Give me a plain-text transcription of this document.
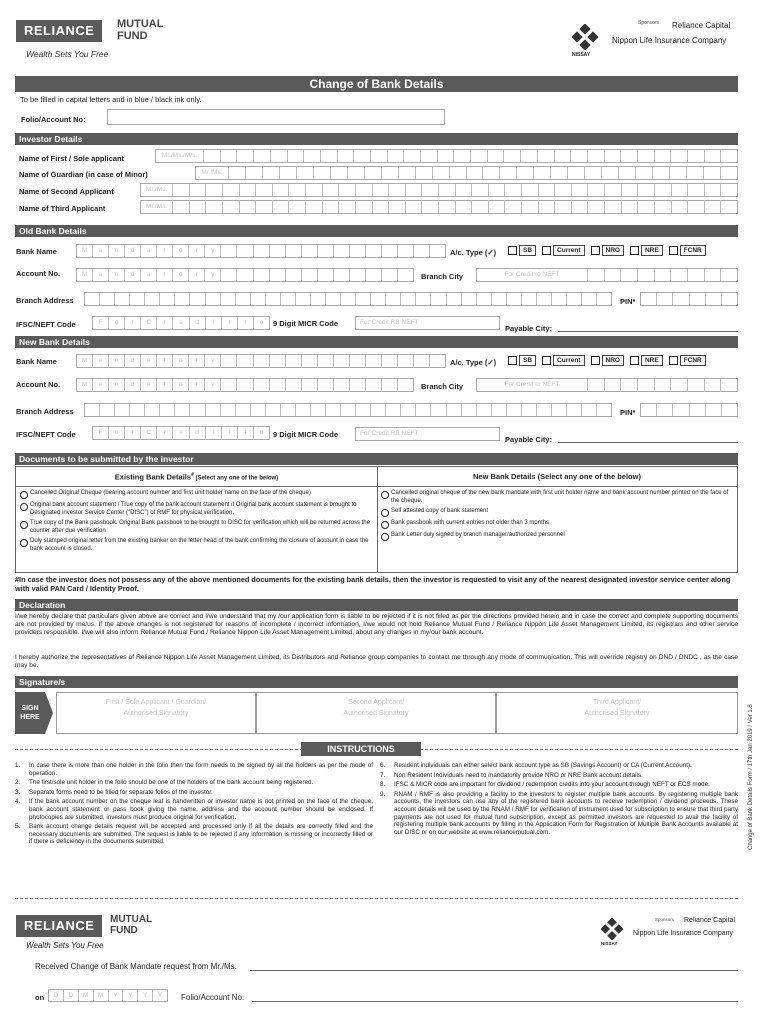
RELIANCE	MUTUAL
FUND
Wealth Sets You Free	NISSAY
Sponsors Reliance Capital
Nippon Life Insurance Company
Change of Bank Details
To be filled in capital letters and in blue / black ink only.
Folio/Account No:
Investor Details
Name of First / Sole applicant	Mr./Ms./M/s.
Name of Guardian (in case of Minor)	Mr./Ms.
Name of Second Applicant	Mr./Ms.
Name of Third Applicant	Mr./Ms.
Old Bank Details
Bank Name	M	a	n	d	a	t	o	r	y	A/c. Type (✓)	SB	Current	NRO	NRE	FCNR
Account No.	M	a	n	d	a	t	o	r	y	Branch City	For Credit to NEFT
Branch Address	PIN*
IFSC/NEFT Code	F	o	r	C	r	e	d	i	t	t	o	9 Digit MICR Code	For Credit RB NEFT
Payable City:
New Bank Details
Bank Name	M	a	n	d	a	t	o	r	y	A/c. Type (✓)	SB	Current	NRO	NRE	FCNR
Account No.	M	a	n	d	a	t	o	r	y	Branch City	For Credit to NEFT
Branch Address	PIN*
IFSC/NEFT Code	F	o	r	C	r	e	d	i	t	t	o	9 Digit MICR Code	For Credit RB NEFT
Payable City:
Documents to be submitted by the investor
Existing Bank Details# (Select any one of the below)	New Bank Details (Select any one of the below)
Cancelled Original Cheque (bearing account number and first unit holder name on the face of the cheque)
Original bank account statement / True copy of the bank account statement if Original bank account statement is brought to Designated investor Service Center ("DISC") of RMF for physical verification,
True copy of the Bank passbook. Original Bank passbook to be brought to DISC for verification which will be returned across the counter after due verification
Duly stamped original letter from the existing banker on the letter head of the bank confirming the closure of account in case the bank account is closed.
Cancelled original cheque of the new bank mandate with first unit holder name and bank account number printed on the face of the cheque.
Self attested copy of bank statement
Bank passbook with current entries not older than 3 months.
Bank Letter duly signed by branch manager/authorized personnel
#In case the investor does not possess any of the above mentioned documents for the existing bank details, then the investor is requested to visit any of the nearest designated investor service center along with valid PAN Card / Identity Proof.
Declaration
I/we hereby declare that particulars given above are correct and I/we understand that my /our application form is liable to be rejected if it is not filled as per the directions provided herein and in case the correct and complete supporting documents are not provided by me/us. If the above changes is not registered for reasons of incomplete / incorrect information, I/we would not hold Reliance Mutual Fund / Reliance Nippon Life Asset Management Limited, its registrars and other service providers responsible. I/we will also inform Reliance Mutual Fund / Reliance Nippon Life Asset Management Limited, about any changes in my/our bank account.
I hereby authorize the representatives of Reliance Nippon Life Asset Management Limited, its Distributors and Reliance group companies to contact me through any mode of communication. This will override registry on DND / DNDC , as the case may be.
Signature/s
SIGN
HERE
First / Sole Applicant / Guardian/
Authorised Signatory
Second Applicant/
Authorised Signatory
Third Applicant/
Authorised Signatory	Change of Bank Details Form / 17th Jan 2019 / Ver 1.8
INSTRUCTIONS
1.	In case there is more than one holder in the folio then the form needs to be signed by all the holders as per the mode of operation.
2.	The first/sole unit holder in the folio should be one of the holders of the bank account being registered.
3.	Separate forms need to be filled for separate folios of the investor.
4.	If the bank account number on the cheque leaf is handwritten or investor name is not printed on the face of the cheque, bank account statement or pass book giving the name, address and the account number should be enclosed. If photocopies are submitted, investors must produce original for verification.
5.	Bank account change details request will be accepted and processed only if all the details are correctly filled and the necessary documents are submitted. The request is liable to be rejected if any information is missing or incorrectly filled or if there is deficiency in the documents submitted.
6.	Resident individuals can either select bank account type as SB (Savings Account) or CA (Current Account).
7.	Non Resident Individuals need to mandatorily provide NRO or NRE Bank account details.
8.	IFSC & MICR code are important for dividend / redemption credits into your account through NEFT or ECS mode.
9.	RNAM / RMF is also providing a facility to the investors to register multiple bank accounts. By registering multiple bank accounts, the investors can use any of the registered bank accounts to receive redemption / dividend proceeds. These account details will be used by the RNAM / RMF for verification of instrument used for subscription to ensure that third party payments are not used for mutual fund subscription, except as permitted investors are requested to avail the facility of registering multiple bank accounts by filling in the Application Form for Registration of Multiple Bank Accounts available at our DISC or on our website at www.reliancemutual.com.
RELIANCE	MUTUAL
FUND
Wealth Sets You Free	NISSAY
Sponsors Reliance Capital
Nippon Life Insurance Company
Received Change of Bank Mandate request from Mr./Ms.
on	D	D	M	M	Y	Y	Y	Y	Folio/Account No:
